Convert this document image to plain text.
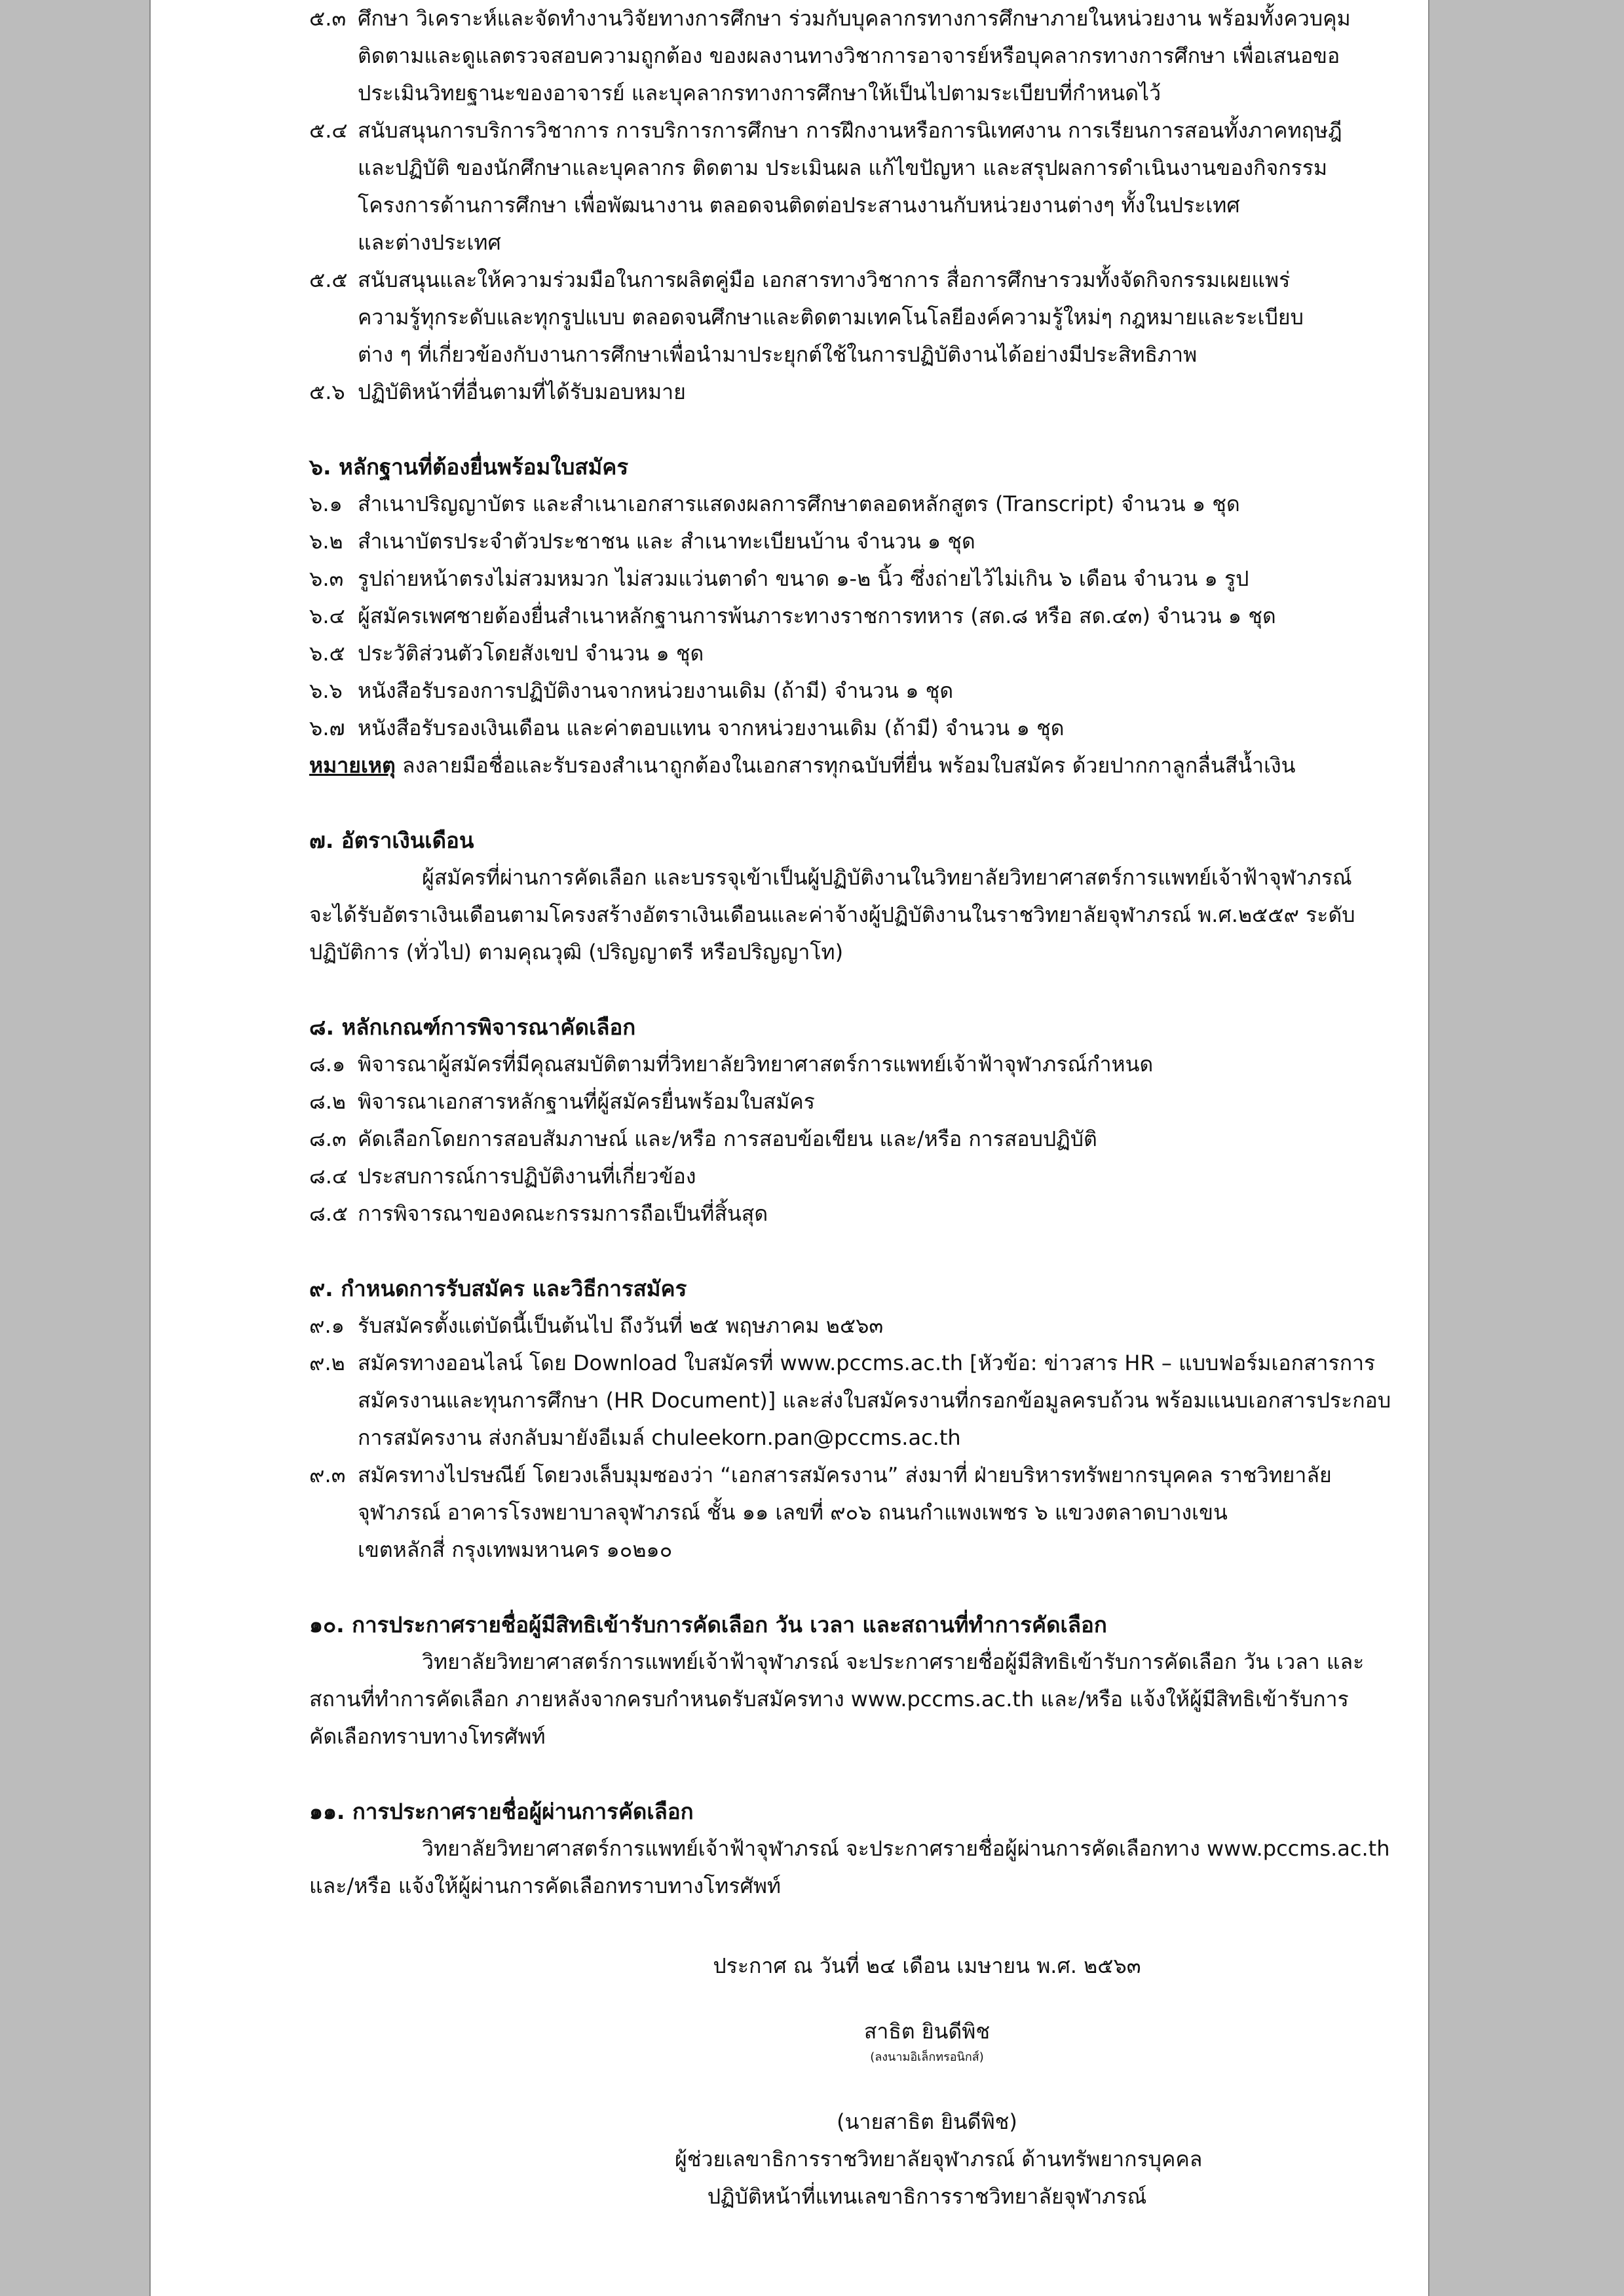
๕.๓ ศึกษา วิเคราะห์และจัดทำงานวิจัยทางการศึกษา ร่วมกับบุคลากรทางการศึกษาภายในหน่วยงาน พร้อมทั้งควบคุม
ติดตามและดูแลตรวจสอบความถูกต้อง ของผลงานทางวิชาการอาจารย์หรือบุคลากรทางการศึกษา เพื่อเสนอขอ
ประเมินวิทยฐานะของอาจารย์ และบุคลากรทางการศึกษาให้เป็นไปตามระเบียบที่กำหนดไว้
๕.๔ สนับสนุนการบริการวิชาการ การบริการการศึกษา การฝึกงานหรือการนิเทศงาน การเรียนการสอนทั้งภาคทฤษฎี
และปฏิบัติ ของนักศึกษาและบุคลากร ติดตาม ประเมินผล แก้ไขปัญหา และสรุปผลการดำเนินงานของกิจกรรม
โครงการด้านการศึกษา เพื่อพัฒนางาน ตลอดจนติดต่อประสานงานกับหน่วยงานต่างๆ ทั้งในประเทศ
และต่างประเทศ
๕.๕ สนับสนุนและให้ความร่วมมือในการผลิตคู่มือ เอกสารทางวิชาการ สื่อการศึกษารวมทั้งจัดกิจกรรมเผยแพร่
ความรู้ทุกระดับและทุกรูปแบบ ตลอดจนศึกษาและติดตามเทคโนโลยีองค์ความรู้ใหม่ๆ กฎหมายและระเบียบ
ต่าง ๆ ที่เกี่ยวข้องกับงานการศึกษาเพื่อนำมาประยุกต์ใช้ในการปฏิบัติงานได้อย่างมีประสิทธิภาพ
๕.๖ ปฏิบัติหน้าที่อื่นตามที่ได้รับมอบหมาย
๖. หลักฐานที่ต้องยื่นพร้อมใบสมัคร
๖.๑ สำเนาปริญญาบัตร และสำเนาเอกสารแสดงผลการศึกษาตลอดหลักสูตร (Transcript) จำนวน ๑ ชุด
๖.๒ สำเนาบัตรประจำตัวประชาชน และ สำเนาทะเบียนบ้าน จำนวน ๑ ชุด
๖.๓ รูปถ่ายหน้าตรงไม่สวมหมวก ไม่สวมแว่นตาดำ ขนาด ๑-๒ นิ้ว ซึ่งถ่ายไว้ไม่เกิน ๖ เดือน จำนวน ๑ รูป
๖.๔ ผู้สมัครเพศชายต้องยื่นสำเนาหลักฐานการพ้นภาระทางราชการทหาร (สด.๘ หรือ สด.๔๓) จำนวน ๑ ชุด
๖.๕ ประวัติส่วนตัวโดยสังเขป จำนวน ๑ ชุด
๖.๖ หนังสือรับรองการปฏิบัติงานจากหน่วยงานเดิม (ถ้ามี) จำนวน ๑ ชุด
๖.๗ หนังสือรับรองเงินเดือน และค่าตอบแทน จากหน่วยงานเดิม (ถ้ามี) จำนวน ๑ ชุด
หมายเหตุ ลงลายมือชื่อและรับรองสำเนาถูกต้องในเอกสารทุกฉบับที่ยื่น พร้อมใบสมัคร ด้วยปากกาลูกลื่นสีน้ำเงิน
๗. อัตราเงินเดือน
ผู้สมัครที่ผ่านการคัดเลือก และบรรจุเข้าเป็นผู้ปฏิบัติงานในวิทยาลัยวิทยาศาสตร์การแพทย์เจ้าฟ้าจุฬาภรณ์
จะได้รับอัตราเงินเดือนตามโครงสร้างอัตราเงินเดือนและค่าจ้างผู้ปฏิบัติงานในราชวิทยาลัยจุฬาภรณ์ พ.ศ.๒๕๕๙ ระดับ
ปฏิบัติการ (ทั่วไป) ตามคุณวุฒิ (ปริญญาตรี หรือปริญญาโท)
๘. หลักเกณฑ์การพิจารณาคัดเลือก
๘.๑ พิจารณาผู้สมัครที่มีคุณสมบัติตามที่วิทยาลัยวิทยาศาสตร์การแพทย์เจ้าฟ้าจุฬาภรณ์กำหนด
๘.๒ พิจารณาเอกสารหลักฐานที่ผู้สมัครยื่นพร้อมใบสมัคร
๘.๓ คัดเลือกโดยการสอบสัมภาษณ์ และ/หรือ การสอบข้อเขียน และ/หรือ การสอบปฏิบัติ
๘.๔ ประสบการณ์การปฏิบัติงานที่เกี่ยวข้อง
๘.๕ การพิจารณาของคณะกรรมการถือเป็นที่สิ้นสุด
๙. กำหนดการรับสมัคร และวิธีการสมัคร
๙.๑ รับสมัครตั้งแต่บัดนี้เป็นต้นไป ถึงวันที่ ๒๕ พฤษภาคม ๒๕๖๓
๙.๒ สมัครทางออนไลน์ โดย Download ใบสมัครที่ www.pccms.ac.th [หัวข้อ: ข่าวสาร HR – แบบฟอร์มเอกสารการ
สมัครงานและทุนการศึกษา (HR Document)] และส่งใบสมัครงานที่กรอกข้อมูลครบถ้วน พร้อมแนบเอกสารประกอบ
การสมัครงาน ส่งกลับมายังอีเมล์ chuleekorn.pan@pccms.ac.th
๙.๓ สมัครทางไปรษณีย์ โดยวงเล็บมุมซองว่า “เอกสารสมัครงาน” ส่งมาที่ ฝ่ายบริหารทรัพยากรบุคคล ราชวิทยาลัย
จุฬาภรณ์ อาคารโรงพยาบาลจุฬาภรณ์ ชั้น ๑๑ เลขที่ ๙๐๖ ถนนกำแพงเพชร ๖ แขวงตลาดบางเขน
เขตหลักสี่ กรุงเทพมหานคร ๑๐๒๑๐
๑๐. การประกาศรายชื่อผู้มีสิทธิเข้ารับการคัดเลือก วัน เวลา และสถานที่ทำการคัดเลือก
วิทยาลัยวิทยาศาสตร์การแพทย์เจ้าฟ้าจุฬาภรณ์ จะประกาศรายชื่อผู้มีสิทธิเข้ารับการคัดเลือก วัน เวลา และ
สถานที่ทำการคัดเลือก ภายหลังจากครบกำหนดรับสมัครทาง www.pccms.ac.th และ/หรือ แจ้งให้ผู้มีสิทธิเข้ารับการ
คัดเลือกทราบทางโทรศัพท์
๑๑. การประกาศรายชื่อผู้ผ่านการคัดเลือก
วิทยาลัยวิทยาศาสตร์การแพทย์เจ้าฟ้าจุฬาภรณ์ จะประกาศรายชื่อผู้ผ่านการคัดเลือกทาง www.pccms.ac.th
และ/หรือ แจ้งให้ผู้ผ่านการคัดเลือกทราบทางโทรศัพท์
ประกาศ ณ วันที่ ๒๔ เดือน เมษายน พ.ศ. ๒๕๖๓
สาธิต ยินดีพิช
(ลงนามอิเล็กทรอนิกส์)
(นายสาธิต ยินดีพิช)
ผู้ช่วยเลขาธิการราชวิทยาลัยจุฬาภรณ์ ด้านทรัพยากรบุคคล
ปฏิบัติหน้าที่แทนเลขาธิการราชวิทยาลัยจุฬาภรณ์
